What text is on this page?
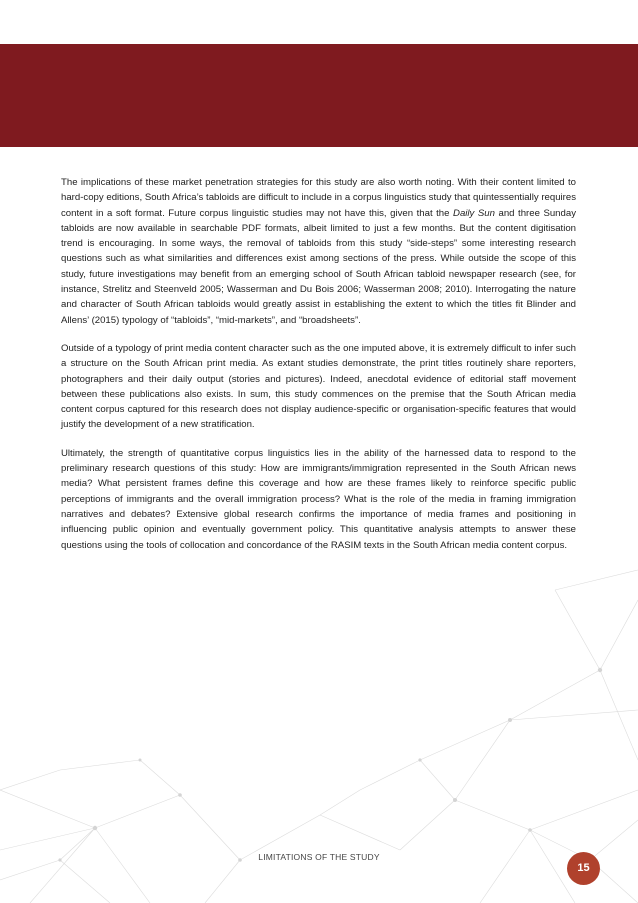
The implications of these market penetration strategies for this study are also worth noting. With their content limited to hard-copy editions, South Africa’s tabloids are difficult to include in a corpus linguistics study that quintessentially requires content in a soft format. Future corpus linguistic studies may not have this, given that the Daily Sun and three Sunday tabloids are now available in searchable PDF formats, albeit limited to just a few months. But the content digitisation trend is encouraging. In some ways, the removal of tabloids from this study “side-steps” some interesting research questions such as what similarities and differences exist among sections of the press. While outside the scope of this study, future investigations may benefit from an emerging school of South African tabloid newspaper research (see, for instance, Strelitz and Steenveld 2005; Wasserman and Du Bois 2006; Wasserman 2008; 2010). Interrogating the nature and character of South African tabloids would greatly assist in establishing the extent to which the titles fit Blinder and Allens’ (2015) typology of “tabloids”, “mid-markets”, and “broadsheets”.

Outside of a typology of print media content character such as the one imputed above, it is extremely difficult to infer such a structure on the South African print media. As extant studies demonstrate, the print titles routinely share reporters, photographers and their daily output (stories and pictures). Indeed, anecdotal evidence of editorial staff movement between these publications also exists. In sum, this study commences on the premise that the South African media content corpus captured for this research does not display audience-specific or organisation-specific features that would justify the development of a new stratification.

Ultimately, the strength of quantitative corpus linguistics lies in the ability of the harnessed data to respond to the preliminary research questions of this study: How are immigrants/immigration represented in the South African news media? What persistent frames define this coverage and how are these frames likely to reinforce specific public perceptions of immigrants and the overall immigration process? What is the role of the media in framing immigration narratives and debates? Extensive global research confirms the importance of media frames and positioning in influencing public opinion and eventually government policy. This quantitative analysis attempts to answer these questions using the tools of collocation and concordance of the RASIM texts in the South African media content corpus.

LIMITATIONS OF THE STUDY
15
